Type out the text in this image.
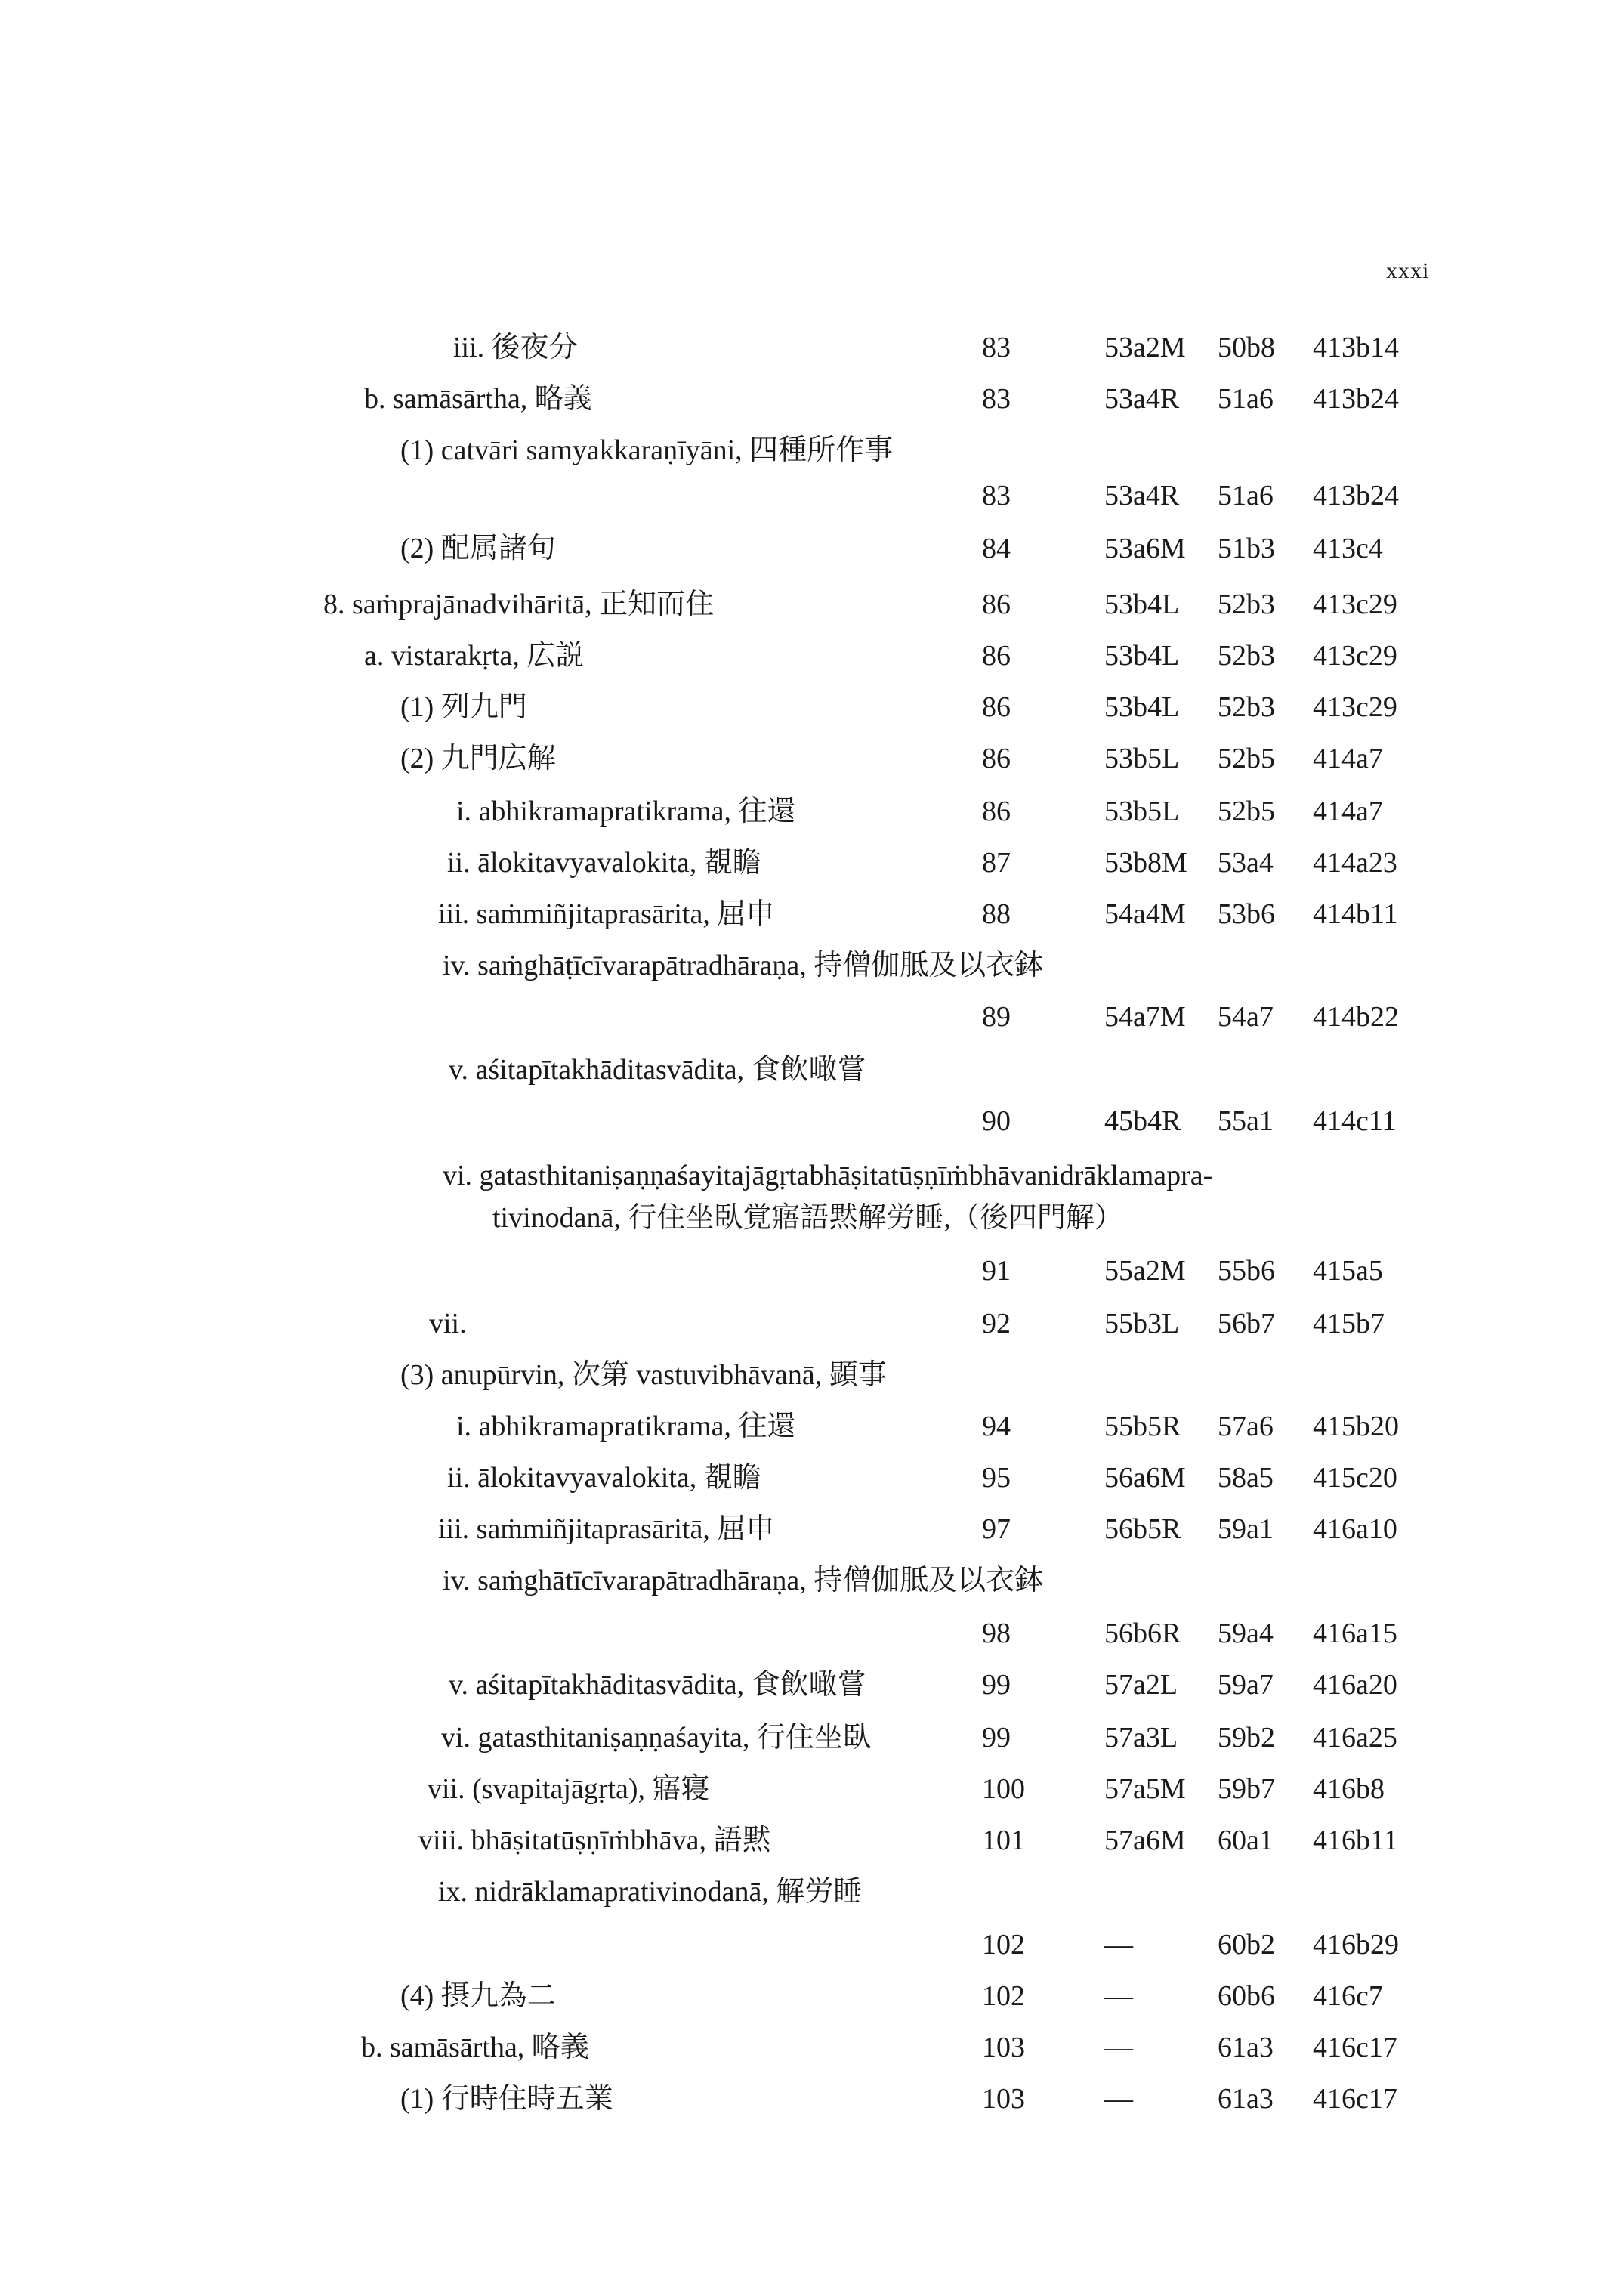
xxxi
iii. 後夜分	83	53a2M 50b8 413b14
b. samāsārtha, 略義	83	53a4R 51a6 413b24
(1) catvāri samyakkaraṇīyāni, 四種所作事
83	53a4R 51a6 413b24
(2) 配属諸句	84	53a6M 51b3 413c4
8. saṁprajānadvihāritā, 正知而住	86	53b4L 52b3 413c29
a. vistarakṛta, 広説	86	53b4L 52b3 413c29
(1) 列九門	86	53b4L 52b3 413c29
(2) 九門広解	86	53b5L 52b5 414a7
i. abhikramapratikrama, 往還	86	53b5L 52b5 414a7
ii. ālokitavyavalokita, 覩瞻	87	53b8M 53a4 414a23
iii. saṁmiñjitaprasārita, 屈申	88	54a4M 53b6 414b11
iv. saṁghāṭīcīvarapātradhāraṇa, 持僧伽胝及以衣鉢
89	54a7M 54a7 414b22
v. aśitapītakhāditasvādita, 食飲噉嘗
90	45b4R 55a1 414c11
vi. gatasthitaniṣaṇṇaśayitajāgṛtabhāṣitatūṣṇīṁbhāvanidrāklamapra-
tivinodanā, 行住坐臥覚寤語黙解労睡,（後四門解）
91	55a2M 55b6 415a5
vii.	92	55b3L 56b7 415b7
(3) anupūrvin, 次第 vastuvibhāvanā, 顕事
i. abhikramapratikrama, 往還	94	55b5R 57a6 415b20
ii. ālokitavyavalokita, 覩瞻	95	56a6M 58a5 415c20
iii. saṁmiñjitaprasāritā, 屈申	97	56b5R 59a1 416a10
iv. saṁghātīcīvarapātradhāraṇa, 持僧伽胝及以衣鉢
98	56b6R 59a4 416a15
v. aśitapītakhāditasvādita, 食飲噉嘗	99	57a2L 59a7 416a20
vi. gatasthitaniṣaṇṇaśayita, 行住坐臥	99	57a3L 59b2 416a25
vii. (svapitajāgṛta), 寤寝	100	57a5M 59b7 416b8
viii. bhāṣitatūṣṇīṁbhāva, 語黙	101	57a6M 60a1 416b11
ix. nidrāklamaprativinodanā, 解労睡
102	—	60b2 416b29
(4) 摂九為二	102	—	60b6 416c7
b. samāsārtha, 略義	103	—	61a3 416c17
(1) 行時住時五業	103	—	61a3 416c17
